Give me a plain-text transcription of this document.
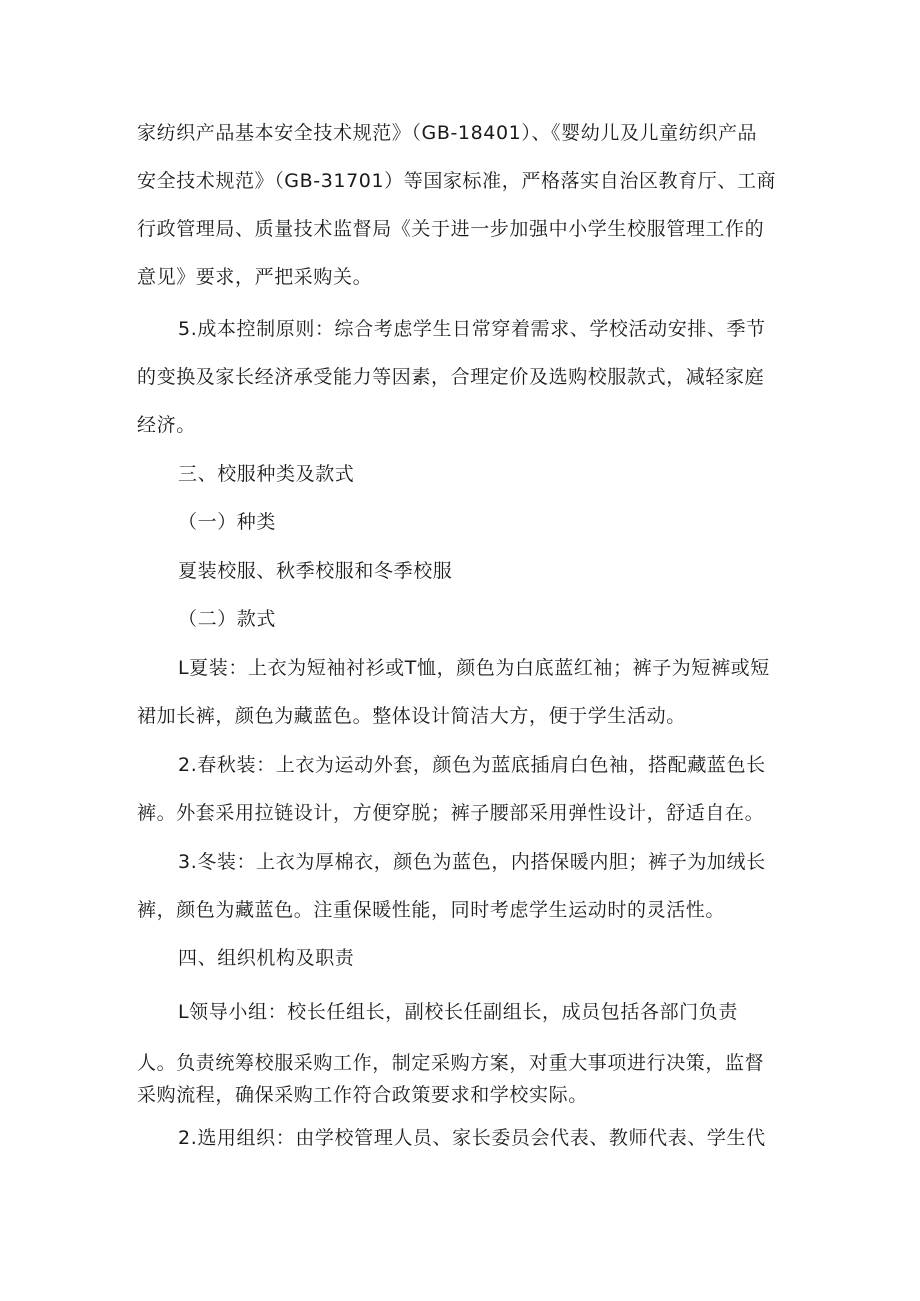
家纺织产品基本安全技术规范》（GB-18401）、《婴幼儿及儿童纺织产品
安全技术规范》（GB-31701）等国家标准，严格落实自治区教育厅、工商
行政管理局、质量技术监督局《关于进一步加强中小学生校服管理工作的
意见》要求，严把采购关。
5.成本控制原则：综合考虑学生日常穿着需求、学校活动安排、季节
的变换及家长经济承受能力等因素，合理定价及选购校服款式，减轻家庭
经济。
三、校服种类及款式
（一）种类
夏装校服、秋季校服和冬季校服
（二）款式
L夏装：上衣为短袖衬衫或T恤，颜色为白底蓝红袖；裤子为短裤或短
裙加长裤，颜色为藏蓝色。整体设计简洁大方，便于学生活动。
2.春秋装：上衣为运动外套，颜色为蓝底插肩白色袖，搭配藏蓝色长
裤。外套采用拉链设计，方便穿脱；裤子腰部采用弹性设计，舒适自在。
3.冬装：上衣为厚棉衣，颜色为蓝色，内搭保暖内胆；裤子为加绒长
裤，颜色为藏蓝色。注重保暖性能，同时考虑学生运动时的灵活性。
四、组织机构及职责
L领导小组：校长任组长，副校长任副组长，成员包括各部门负责
人。负责统筹校服采购工作，制定采购方案，对重大事项进行决策，监督
采购流程，确保采购工作符合政策要求和学校实际。
2.选用组织：由学校管理人员、家长委员会代表、教师代表、学生代
